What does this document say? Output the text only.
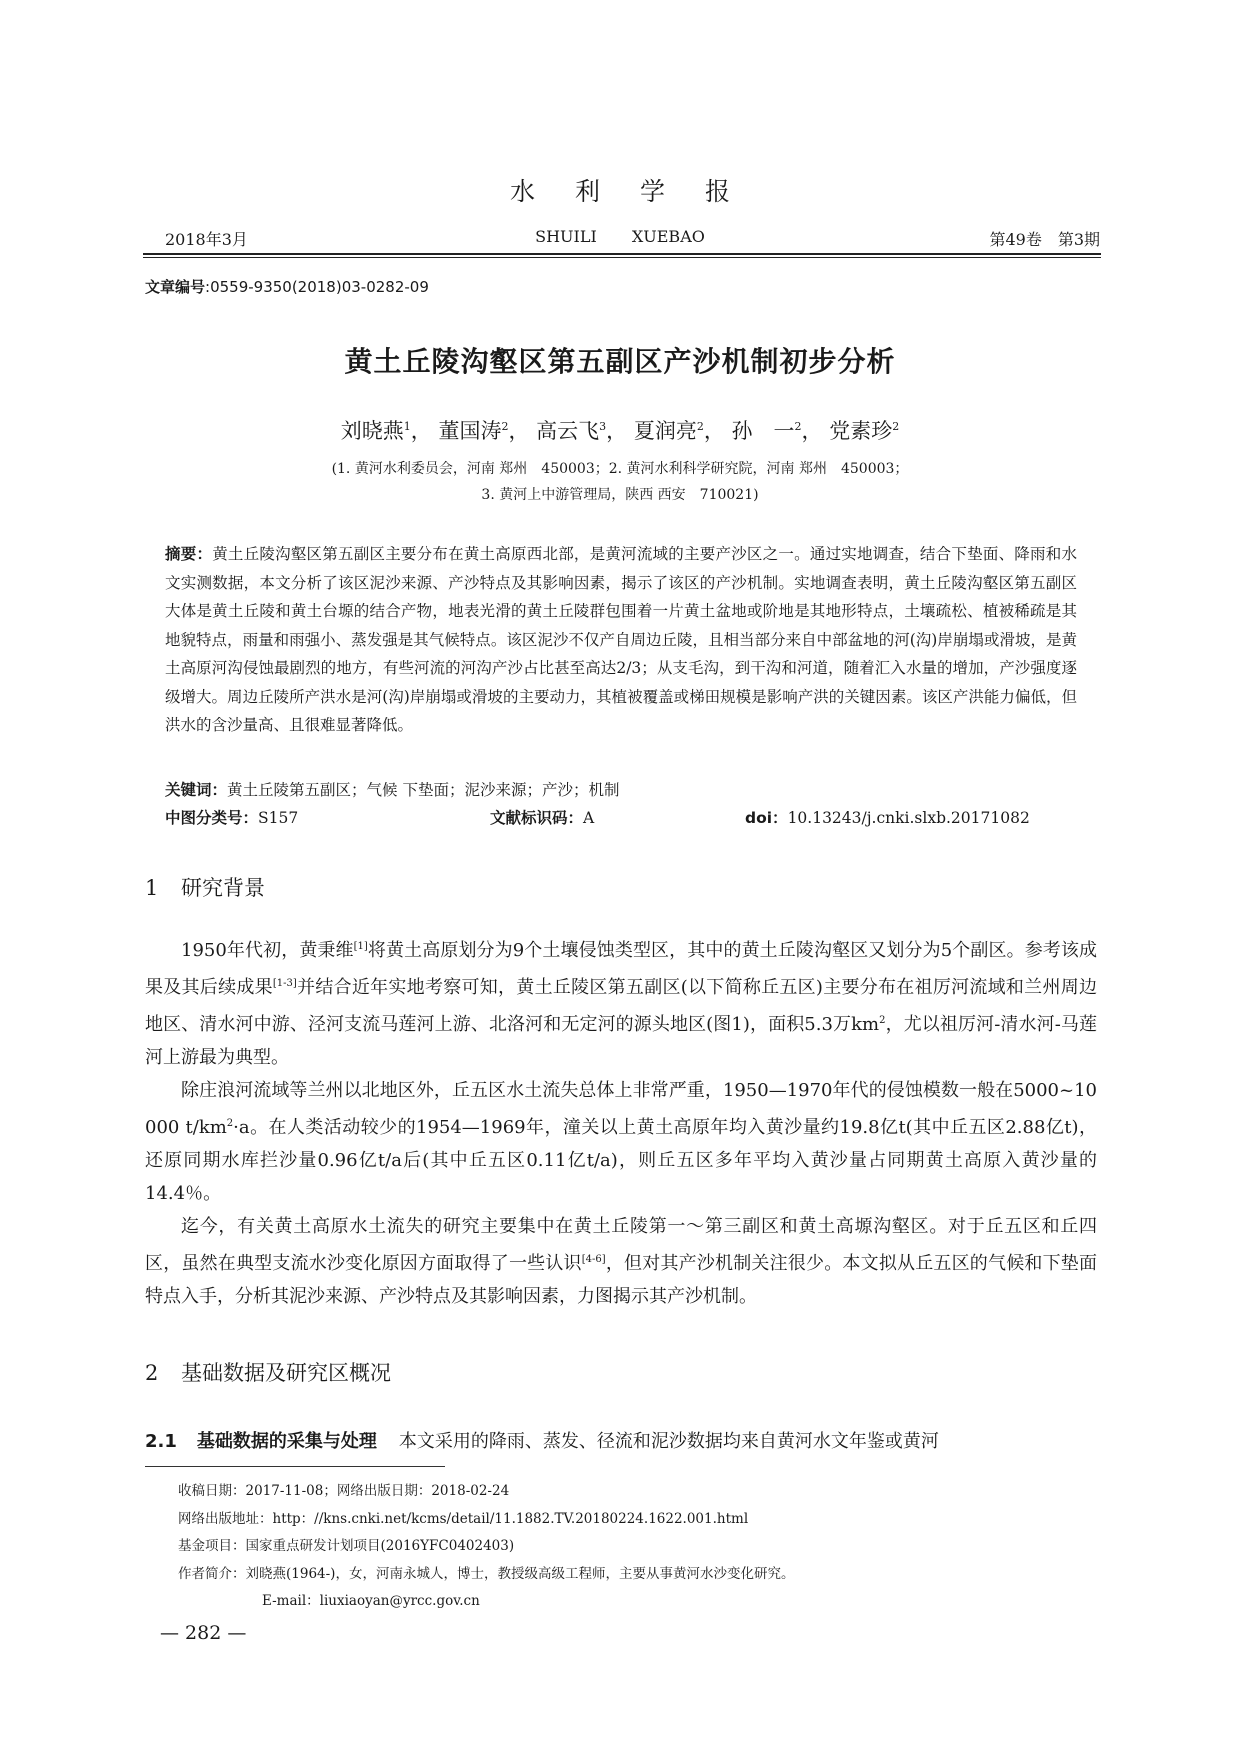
水利学报
2018年3月	SHUILI XUEBAO	第49卷　第3期
文章编号:0559-9350(2018)03-0282-09
黄土丘陵沟壑区第五副区产沙机制初步分析
刘晓燕$^1$， 董国涛$^2$， 高云飞$^3$， 夏润亮$^2$， 孙　一$^2$， 党素珍$^2$
(1. 黄河水利委员会，河南 郑州　450003；2. 黄河水利科学研究院，河南 郑州　450003；
3. 黄河上中游管理局，陕西 西安　710021)
摘要：黄土丘陵沟壑区第五副区主要分布在黄土高原西北部，是黄河流域的主要产沙区之一。通过实地调查，结合下垫面、降雨和水文实测数据，本文分析了该区泥沙来源、产沙特点及其影响因素，揭示了该区的产沙机制。实地调查表明，黄土丘陵沟壑区第五副区大体是黄土丘陵和黄土台塬的结合产物，地表光滑的黄土丘陵群包围着一片黄土盆地或阶地是其地形特点，土壤疏松、植被稀疏是其地貌特点，雨量和雨强小、蒸发强是其气候特点。该区泥沙不仅产自周边丘陵，且相当部分来自中部盆地的河(沟)岸崩塌或滑坡，是黄土高原河沟侵蚀最剧烈的地方，有些河流的河沟产沙占比甚至高达2/3；从支毛沟，到干沟和河道，随着汇入水量的增加，产沙强度逐级增大。周边丘陵所产洪水是河(沟)岸崩塌或滑坡的主要动力，其植被覆盖或梯田规模是影响产洪的关键因素。该区产洪能力偏低，但洪水的含沙量高、且很难显著降低。
关键词：黄土丘陵第五副区；气候 下垫面；泥沙来源；产沙；机制
中图分类号：S157	文献标识码：A	doi：10.13243/j.cnki.slxb.20171082
1 研究背景

1950年代初，黄秉维[1]将黄土高原划分为9个土壤侵蚀类型区，其中的黄土丘陵沟壑区又划分为5个副区。参考该成果及其后续成果[1-3]并结合近年实地考察可知，黄土丘陵区第五副区(以下简称丘五区)主要分布在祖厉河流域和兰州周边地区、清水河中游、泾河支流马莲河上游、北洛河和无定河的源头地区(图1)，面积5.3万$km^2$，尤以祖厉河-清水河-马莲河上游最为典型。

除庄浪河流域等兰州以北地区外，丘五区水土流失总体上非常严重，1950—1970年代的侵蚀模数一般在5000~10 000 $t/km^2\cdot a$。在人类活动较少的1954—1969年，潼关以上黄土高原年均入黄沙量约19.8亿t(其中丘五区2.88亿t)，还原同期水库拦沙量0.96亿t/a后(其中丘五区0.11亿t/a)，则丘五区多年平均入黄沙量占同期黄土高原入黄沙量的14.4％。

迄今，有关黄土高原水土流失的研究主要集中在黄土丘陵第一～第三副区和黄土高塬沟壑区。对于丘五区和丘四区，虽然在典型支流水沙变化原因方面取得了一些认识[4-6]，但对其产沙机制关注很少。本文拟从丘五区的气候和下垫面特点入手，分析其泥沙来源、产沙特点及其影响因素，力图揭示其产沙机制。

2 基础数据及研究区概况
2.1 基础数据的采集与处理 本文采用的降雨、蒸发、径流和泥沙数据均来自黄河水文年鉴或黄河
收稿日期：2017-11-08；网络出版日期：2018-02-24
网络出版地址：http：//kns.cnki.net/kcms/detail/11.1882.TV.20180224.1622.001.html
基金项目：国家重点研发计划项目(2016YFC0402403)
作者简介：刘晓燕(1964-)，女，河南永城人，博士，教授级高级工程师，主要从事黄河水沙变化研究。
E-mail：liuxiaoyan@yrcc.gov.cn
— 282 —
